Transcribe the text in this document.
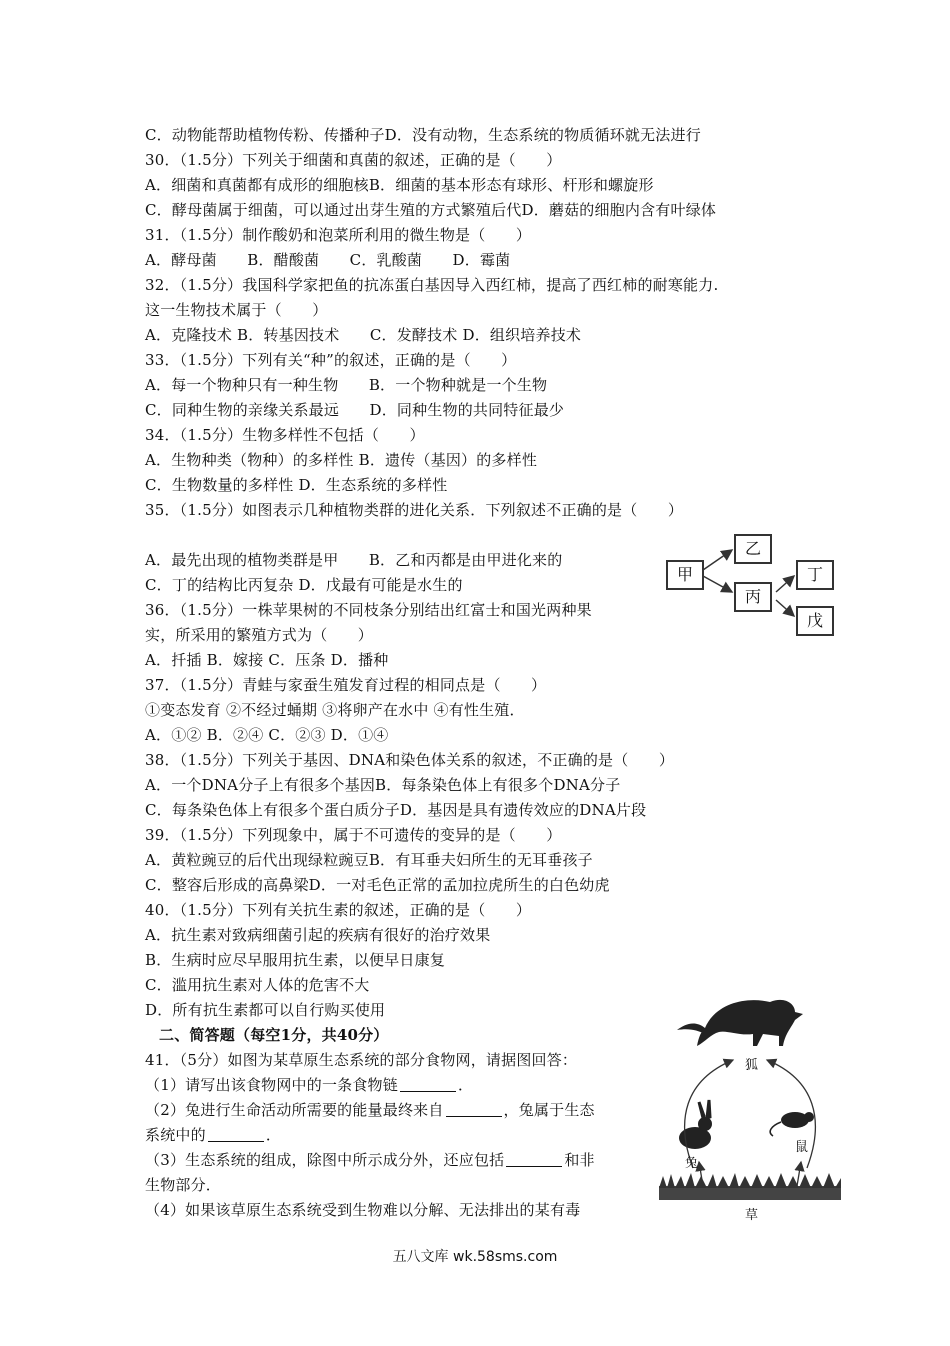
C．动物能帮助植物传粉、传播种子D．没有动物，生态系统的物质循环就无法进行
30．（1.5分）下列关于细菌和真菌的叙述，正确的是（　　）
A．细菌和真菌都有成形的细胞核B．细菌的基本形态有球形、杆形和螺旋形
C．酵母菌属于细菌，可以通过出芽生殖的方式繁殖后代D．蘑菇的细胞内含有叶绿体
31．（1.5分）制作酸奶和泡菜所利用的微生物是（　　）
A．酵母菌　　B．醋酸菌　　C．乳酸菌　　D．霉菌
32．（1.5分）我国科学家把鱼的抗冻蛋白基因导入西红柿，提高了西红柿的耐寒能力.
这一生物技术属于（　　）
A．克隆技术 B．转基因技术　　C．发酵技术 D．组织培养技术
33．（1.5分）下列有关“种”的叙述，正确的是（　　）
A．每一个物种只有一种生物　　B．一个物种就是一个生物
C．同种生物的亲缘关系最远　　D．同种生物的共同特征最少
34．（1.5分）生物多样性不包括（　　）
A．生物种类（物种）的多样性 B．遗传（基因）的多样性
C．生物数量的多样性 D．生态系统的多样性
35．（1.5分）如图表示几种植物类群的进化关系．下列叙述不正确的是（　　）
A．最先出现的植物类群是甲　　B．乙和丙都是由甲进化来的
C．丁的结构比丙复杂 D．戊最有可能是水生的
36．（1.5分）一株苹果树的不同枝条分别结出红富士和国光两种果
实，所采用的繁殖方式为（　　）
A．扦插 B．嫁接 C．压条 D．播种
37．（1.5分）青蛙与家蚕生殖发育过程的相同点是（　　）
①变态发育 ②不经过蛹期 ③将卵产在水中 ④有性生殖．
A．①② B．②④ C．②③ D．①④
38．（1.5分）下列关于基因、DNA和染色体关系的叙述，不正确的是（　　）
A．一个DNA分子上有很多个基因B．每条染色体上有很多个DNA分子
C．每条染色体上有很多个蛋白质分子D．基因是具有遗传效应的DNA片段
39．（1.5分）下列现象中，属于不可遗传的变异的是（　　）
A．黄粒豌豆的后代出现绿粒豌豆B．有耳垂夫妇所生的无耳垂孩子
C．整容后形成的高鼻梁D．一对毛色正常的孟加拉虎所生的白色幼虎
40．（1.5分）下列有关抗生素的叙述，正确的是（　　）
A．抗生素对致病细菌引起的疾病有很好的治疗效果
B．生病时应尽早服用抗生素，以便早日康复
C．滥用抗生素对人体的危害不大
D．所有抗生素都可以自行购买使用
二、简答题（每空1分，共40分）
41．（5分）如图为某草原生态系统的部分食物网，请据图回答：
（1）请写出该食物网中的一条食物链	．
（2）兔进行生命活动所需要的能量最终来自	，兔属于生态
系统中的	．
（3）生态系统的组成，除图中所示成分外，还应包括	和非
生物部分．
（4）如果该草原生态系统受到生物难以分解、无法排出的某有毒
甲
乙
丙
丁
戊
狐
兔
鼠
草
五八文库 wk.58sms.com
